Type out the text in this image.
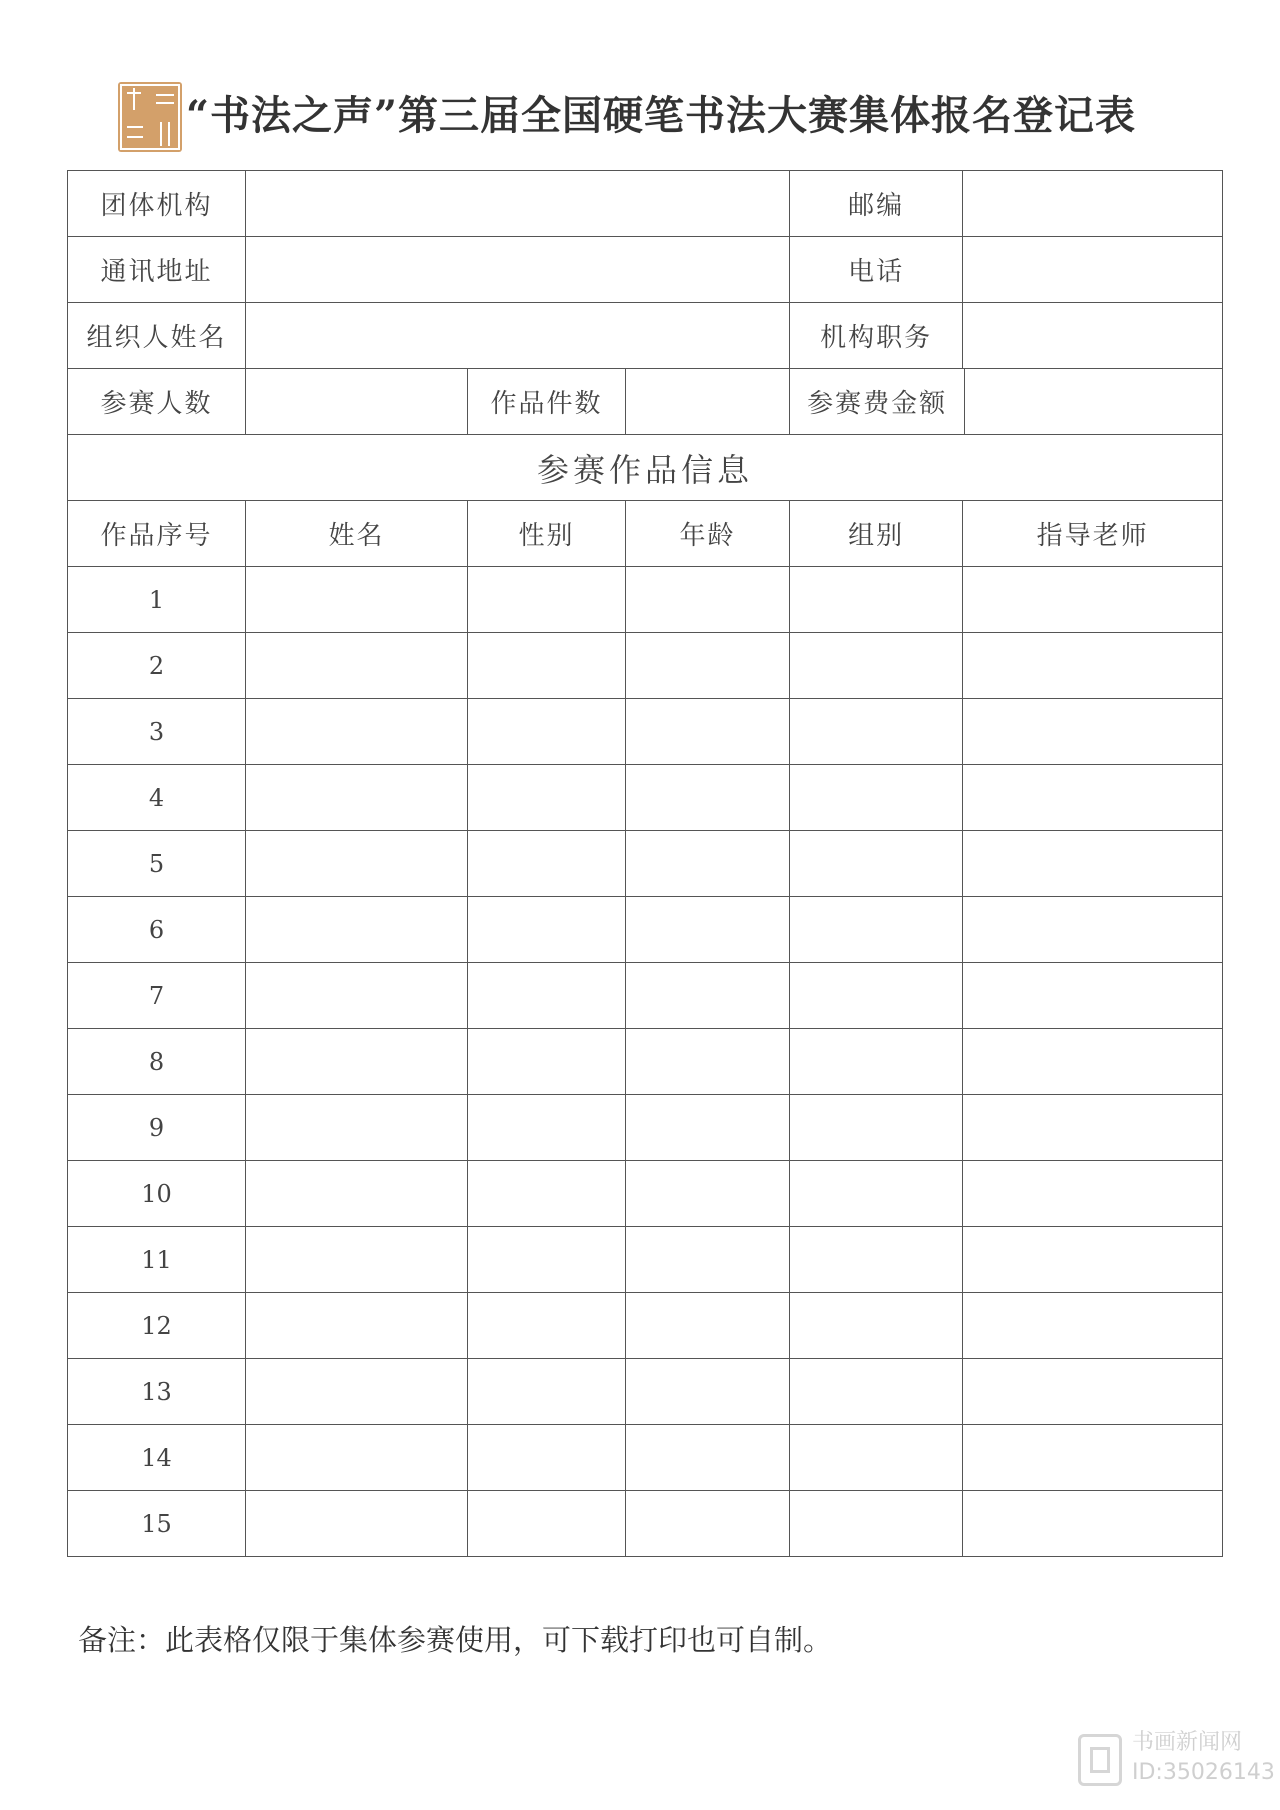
“书法之声”第三届全国硬笔书法大赛集体报名登记表
团体机构				邮编		
通讯地址				电话		
组织人姓名				机构职务		
参赛人数		作品件数		参赛费金额		
参赛作品信息						
作品序号	姓名	性别	年龄	组别	指导老师	
1						
2						
3						
4						
5						
6						
7						
8						
9						
10						
11						
12						
13						
14						
15						
备注：此表格仅限于集体参赛使用，可下载打印也可自制。
书画新闻网
ID:35026143
